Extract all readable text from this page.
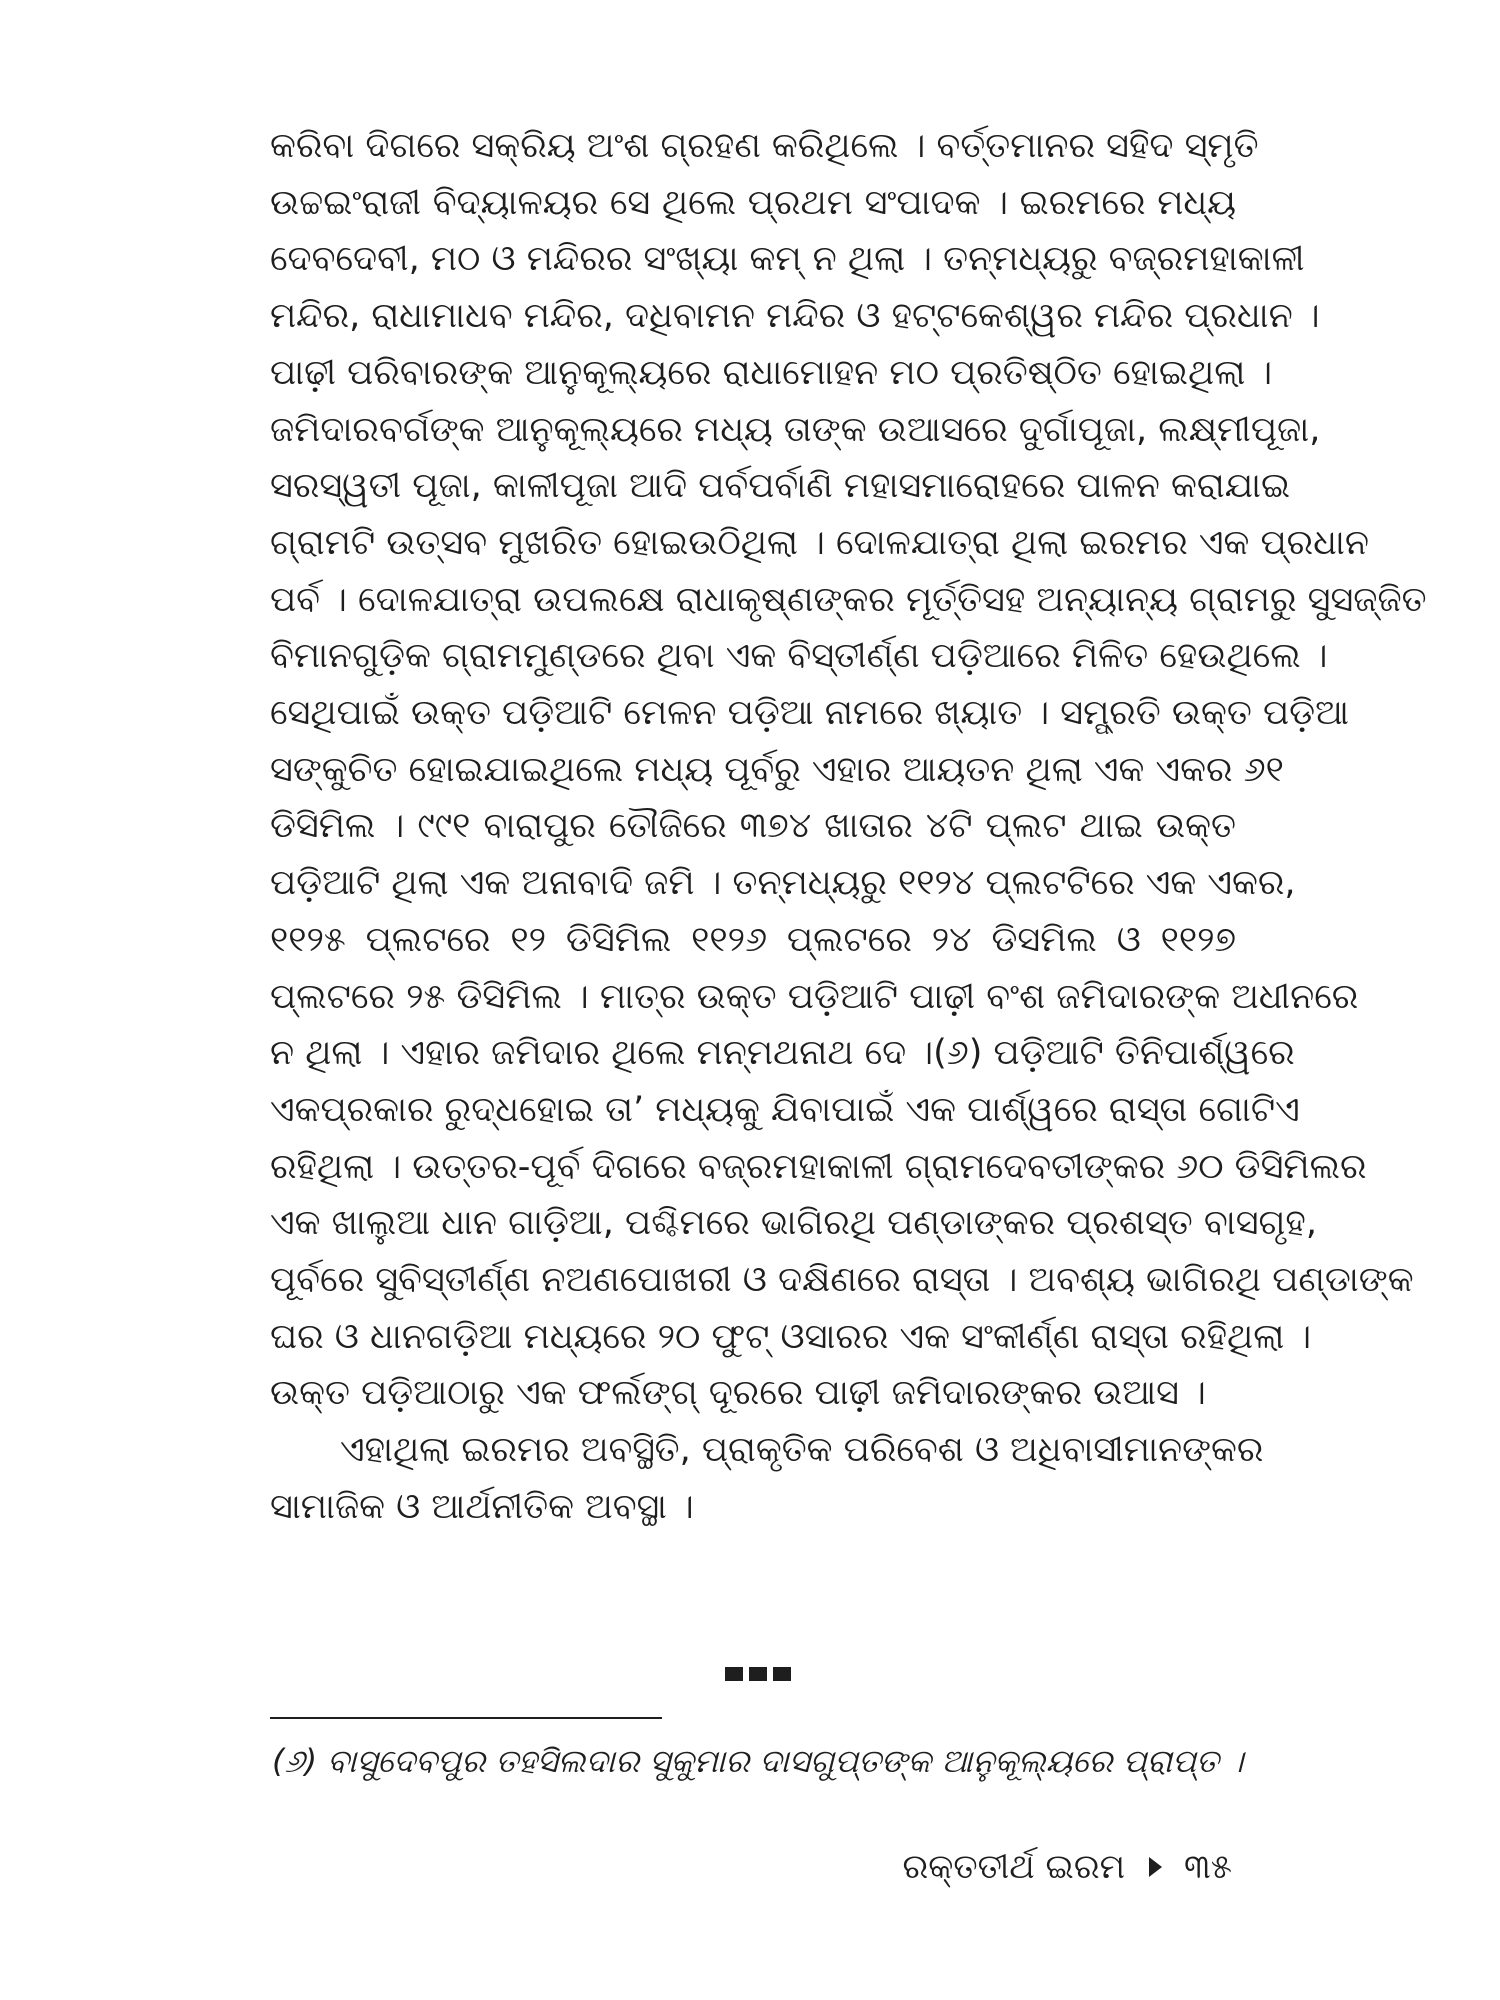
କରିବା ଦିଗରେ ସକ୍ରିୟ ଅଂଶ ଗ୍ରହଣ କରିଥିଲେ । ବର୍ତ୍ତମାନର ସହିଦ ସ୍ମୃତି
ଉଚ୍ଚଇଂରାଜୀ ବିଦ୍ୟାଳୟର ସେ ଥିଲେ ପ୍ରଥମ ସଂପାଦକ । ଇରମରେ ମଧ୍ୟ
ଦେବଦେବୀ, ମଠ ଓ ମନ୍ଦିରର ସଂଖ୍ୟା କମ୍ ନ ଥିଲା । ତନ୍ମଧ୍ୟରୁ ବଜ୍ରମହାକାଳୀ
ମନ୍ଦିର, ରାଧାମାଧବ ମନ୍ଦିର, ଦଧିବାମନ ମନ୍ଦିର ଓ ହଟ୍ଟକେଶ୍ୱର ମନ୍ଦିର ପ୍ରଧାନ ।
ପାଢ଼ୀ ପରିବାରଙ୍କ ଆନୁକୂଲ୍ୟରେ ରାଧାମୋହନ ମଠ ପ୍ରତିଷ୍ଠିତ ହୋଇଥିଲା ।
ଜମିଦାରବର୍ଗଙ୍କ ଆନୁକୂଲ୍ୟରେ ମଧ୍ୟ ତାଙ୍କ ଉଆସରେ ଦୁର୍ଗାପୂଜା, ଲକ୍ଷ୍ମୀପୂଜା,
ସରସ୍ୱତୀ ପୂଜା, କାଳୀପୂଜା ଆଦି ପର୍ବପର୍ବାଣି ମହାସମାରୋହରେ ପାଳନ କରାଯାଇ
ଗ୍ରାମଟି ଉତ୍ସବ ମୁଖରିତ ହୋଇଉଠିଥିଲା । ଦୋଳଯାତ୍ରା ଥିଲା ଇରମର ଏକ ପ୍ରଧାନ
ପର୍ବ । ଦୋଳଯାତ୍ରା ଉପଲକ୍ଷେ ରାଧାକୃଷ୍ଣଙ୍କର ମୂର୍ତ୍ତିସହ ଅନ୍ୟାନ୍ୟ ଗ୍ରାମରୁ ସୁସଜ୍ଜିତ
ବିମାନଗୁଡ଼ିକ ଗ୍ରାମମୁଣ୍ଡରେ ଥିବା ଏକ ବିସ୍ତୀର୍ଣ୍ଣ ପଡ଼ିଆରେ ମିଳିତ ହେଉଥିଲେ ।
ସେଥିପାଇଁ ଉକ୍ତ ପଡ଼ିଆଟି ମେଳନ ପଡ଼ିଆ ନାମରେ ଖ୍ୟାତ । ସମ୍ପ୍ରତି ଉକ୍ତ ପଡ଼ିଆ
ସଙ୍କୁଚିତ ହୋଇଯାଇଥିଲେ ମଧ୍ୟ ପୂର୍ବରୁ ଏହାର ଆୟତନ ଥିଲା ଏକ ଏକର ୬୧
ଡିସିମିଲ । ୯୯୧ ବାରାପୁର ତୌଜିରେ ୩୭୪ ଖାତାର ୪ଟି ପ୍ଲଟ ଥାଇ ଉକ୍ତ
ପଡ଼ିଆଟି ଥିଲା ଏକ ଅନାବାଦି ଜମି । ତନ୍ମଧ୍ୟରୁ ୧୧୨୪ ପ୍ଲଟଟିରେ ଏକ ଏକର,
୧୧୨୫ ପ୍ଲଟରେ ୧୨ ଡିସିମିଲ ୧୧୨୬ ପ୍ଲଟରେ ୨୪ ଡିସମିଲ ଓ ୧୧୨୭
ପ୍ଲଟରେ ୨୫ ଡିସିମିଲ । ମାତ୍ର ଉକ୍ତ ପଡ଼ିଆଟି ପାଢ଼ୀ ବଂଶ ଜମିଦାରଙ୍କ ଅଧୀନରେ
ନ ଥିଲା । ଏହାର ଜମିଦାର ଥିଲେ ମନ୍ମଥନାଥ ଦେ ।(୬) ପଡ଼ିଆଟି ତିନିପାର୍ଶ୍ୱରେ
ଏକପ୍ରକାର ରୁଦ୍ଧହୋଇ ତା’ ମଧ୍ୟକୁ ଯିବାପାଇଁ ଏକ ପାର୍ଶ୍ୱରେ ରାସ୍ତା ଗୋଟିଏ
ରହିଥିଲା । ଉତ୍ତର-ପୂର୍ବ ଦିଗରେ ବଜ୍ରମହାକାଳୀ ଗ୍ରାମଦେବତୀଙ୍କର ୬୦ ଡିସିମିଲର
ଏକ ଖାଲୁଆ ଧାନ ଗାଡ଼ିଆ, ପଶ୍ଚିମରେ ଭାଗିରଥି ପଣ୍ଡାଙ୍କର ପ୍ରଶସ୍ତ ବାସଗୃହ,
ପୂର୍ବରେ ସୁବିସ୍ତୀର୍ଣ୍ଣ ନଅଣପୋଖରୀ ଓ ଦକ୍ଷିଣରେ ରାସ୍ତା । ଅବଶ୍ୟ ଭାଗିରଥି ପଣ୍ଡାଙ୍କ
ଘର ଓ ଧାନଗଡ଼ିଆ ମଧ୍ୟରେ ୨୦ ଫୁଟ୍ ଓସାରର ଏକ ସଂକୀର୍ଣ୍ଣ ରାସ୍ତା ରହିଥିଲା ।
ଉକ୍ତ ପଡ଼ିଆଠାରୁ ଏକ ଫର୍ଲଙ୍ଗ୍ ଦୂରରେ ପାଢ଼ୀ ଜମିଦାରଙ୍କର ଉଆସ ।
ଏହାଥିଲା ଇରମର ଅବସ୍ଥିତି, ପ୍ରାକୃତିକ ପରିବେଶ ଓ ଅଧିବାସୀମାନଙ୍କର
ସାମାଜିକ ଓ ଆର୍ଥନୀତିକ ଅବସ୍ଥା ।
(୬) ବାସୁଦେବପୁର ତହସିଲଦାର ସୁକୁମାର ଦାସଗୁପ୍ତଙ୍କ ଆନୁକୂଲ୍ୟରେ ପ୍ରାପ୍ତ ।
ରକ୍ତତୀର୍ଥ ଇରମ ୩୫
